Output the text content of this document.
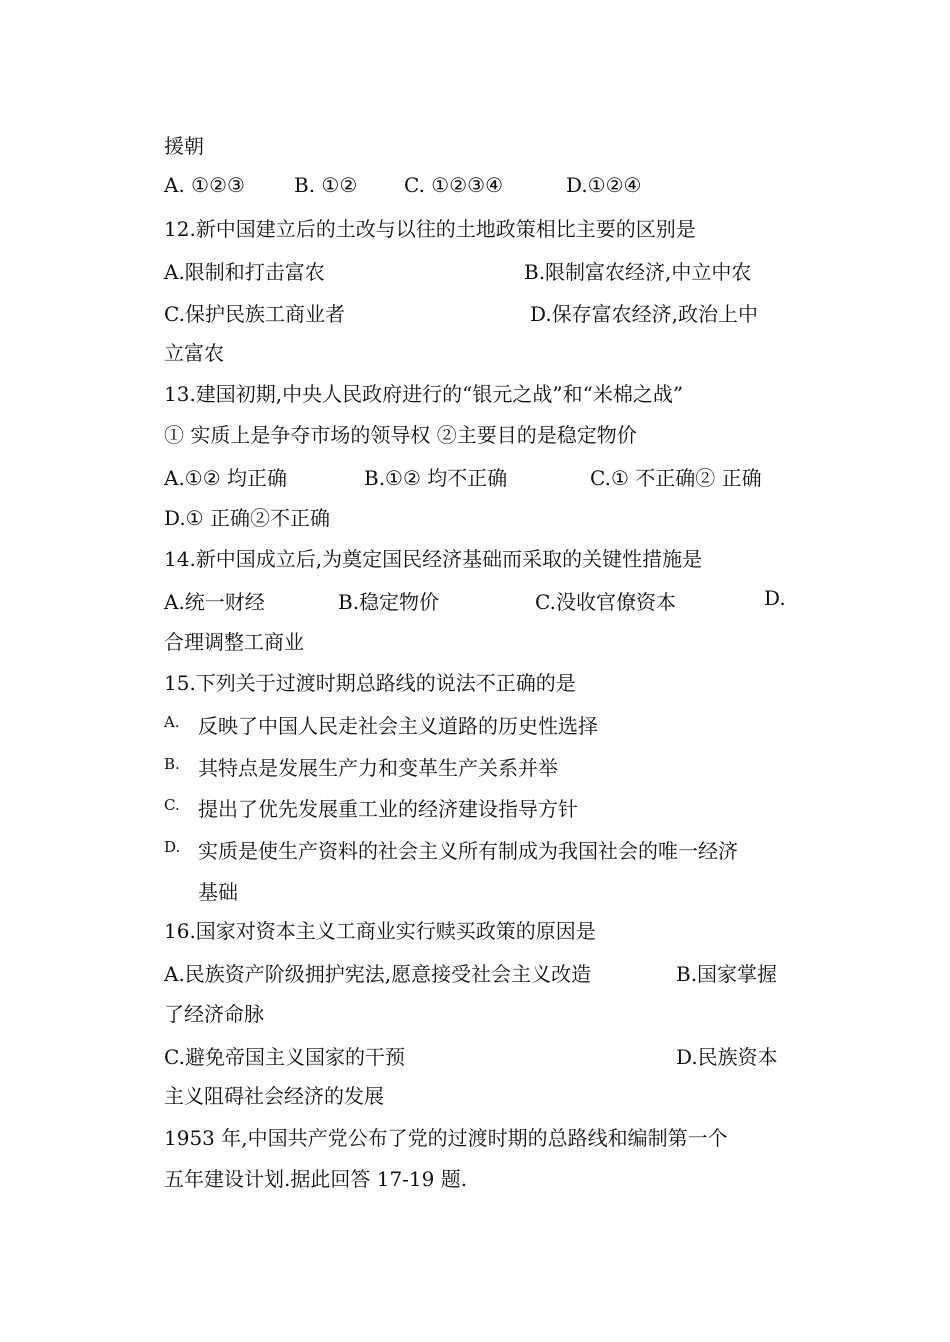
援朝
A. ①②③ B. ①② C. ①②③④	D.①②④
12.新中国建立后的土改与以往的土地政策相比主要的区别是
A.限制和打击富农	B.限制富农经济,中立中农
C.保护民族工商业者	D.保存富农经济,政治上中
立富农
13.建国初期,中央人民政府进行的“银元之战”和“米棉之战”
① 实质上是争夺市场的领导权 ②主要目的是稳定物价
A.①② 均正确	B.①② 均不正确	C.① 不正确② 正确
D.① 正确②不正确
14.新中国成立后,为奠定国民经济基础而采取的关键性措施是
A.统一财经	B.稳定物价	C.没收官僚资本	D.
合理调整工商业
15.下列关于过渡时期总路线的说法不正确的是
A. 反映了中国人民走社会主义道路的历史性选择
B. 其特点是发展生产力和变革生产关系并举
C. 提出了优先发展重工业的经济建设指导方针
D. 实质是使生产资料的社会主义所有制成为我国社会的唯一经济
基础
16.国家对资本主义工商业实行赎买政策的原因是
A.民族资产阶级拥护宪法,愿意接受社会主义改造	B.国家掌握
了经济命脉
C.避免帝国主义国家的干预	D.民族资本
主义阻碍社会经济的发展
1953 年,中国共产党公布了党的过渡时期的总路线和编制第一个
五年建设计划.据此回答 17-19 题.
